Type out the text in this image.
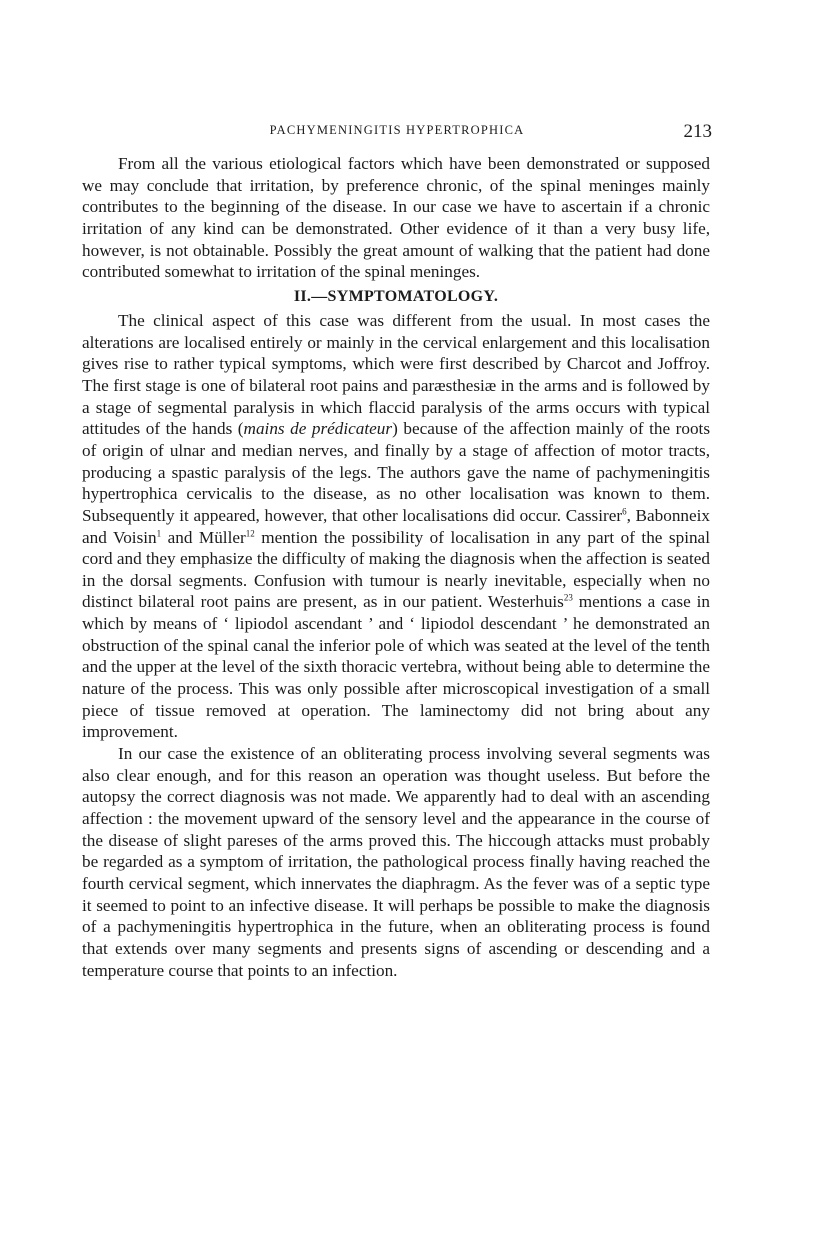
PACHYMENINGITIS HYPERTROPHICA	213

From all the various etiological factors which have been demonstrated or supposed we may conclude that irritation, by preference chronic, of the spinal meninges mainly contributes to the beginning of the disease. In our case we have to ascertain if a chronic irritation of any kind can be demonstrated. Other evidence of it than a very busy life, however, is not obtainable. Possibly the great amount of walking that the patient had done contributed somewhat to irritation of the spinal meninges.

II.—SYMPTOMATOLOGY.

The clinical aspect of this case was different from the usual. In most cases the alterations are localised entirely or mainly in the cervical enlargement and this localisation gives rise to rather typical symptoms, which were first described by Charcot and Joffroy. The first stage is one of bilateral root pains and paræsthesiæ in the arms and is followed by a stage of segmental paralysis in which flaccid paralysis of the arms occurs with typical attitudes of the hands (mains de prédicateur) because of the affection mainly of the roots of origin of ulnar and median nerves, and finally by a stage of affection of motor tracts, producing a spastic paralysis of the legs. The authors gave the name of pachymeningitis hypertrophica cervicalis to the disease, as no other localisation was known to them. Subsequently it appeared, however, that other localisations did occur. Cassirer$^6$, Babonneix and Voisin$^1$ and Müller$^{12}$ mention the possibility of localisation in any part of the spinal cord and they emphasize the difficulty of making the diagnosis when the affection is seated in the dorsal segments. Confusion with tumour is nearly inevitable, especially when no distinct bilateral root pains are present, as in our patient. Westerhuis$^{23}$ mentions a case in which by means of ‘ lipiodol ascendant ’ and ‘ lipiodol descendant ’ he demonstrated an obstruction of the spinal canal the inferior pole of which was seated at the level of the tenth and the upper at the level of the sixth thoracic vertebra, without being able to determine the nature of the process. This was only possible after microscopical investigation of a small piece of tissue removed at operation. The laminectomy did not bring about any improvement.

In our case the existence of an obliterating process involving several segments was also clear enough, and for this reason an operation was thought useless. But before the autopsy the correct diagnosis was not made. We apparently had to deal with an ascending affection : the movement upward of the sensory level and the appearance in the course of the disease of slight pareses of the arms proved this. The hiccough attacks must probably be regarded as a symptom of irritation, the pathological process finally having reached the fourth cervical segment, which innervates the diaphragm. As the fever was of a septic type it seemed to point to an infective disease. It will perhaps be possible to make the diagnosis of a pachymeningitis hypertrophica in the future, when an obliterating process is found that extends over many segments and presents signs of ascending or descending and a temperature course that points to an infection.
